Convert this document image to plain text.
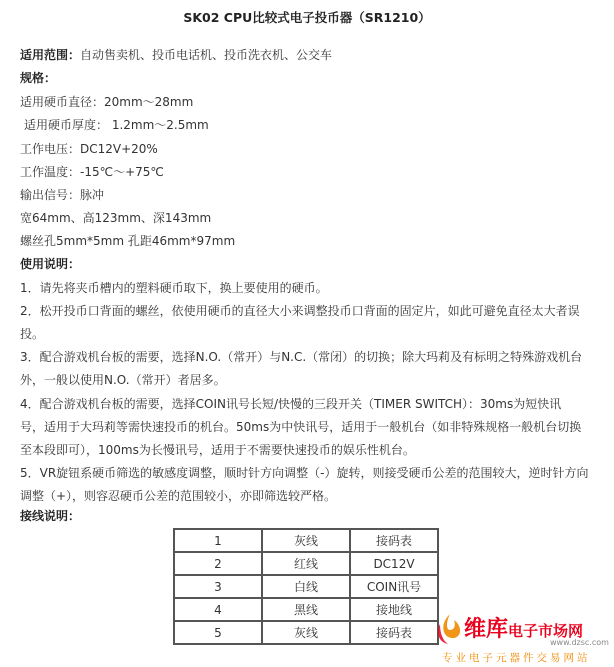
SK02 CPU比较式电子投币器（SR1210）
适用范围：自动售卖机、投币电话机、投币洗衣机、公交车
规格：
适用硬币直径：20mm～28mm
适用硬币厚度： 1.2mm～2.5mm
工作电压：DC12V+20%
工作温度：-15℃～+75℃
输出信号：脉冲
宽64mm、高123mm、深143mm
螺丝孔5mm*5mm 孔距46mm*97mm
使用说明：
1．请先将夹币槽内的塑料硬币取下，换上要使用的硬币。
2．松开投币口背面的螺丝，依使用硬币的直径大小来调整投币口背面的固定片，如此可避免直径太大者误
投。
3．配合游戏机台板的需要，选择N.O.（常开）与N.C.（常闭）的切换；除大玛莉及有标明之特殊游戏机台
外，一般以使用N.O.（常开）者居多。
4．配合游戏机台板的需要，选择COIN讯号长短/快慢的三段开关（TIMER SWITCH）：30ms为短快讯
号，适用于大玛莉等需快速投币的机台。50ms为中快讯号，适用于一般机台（如非特殊规格一般机台切换
至本段即可），100ms为长慢讯号，适用于不需要快速投币的娱乐性机台。
5．VR旋钮系硬币筛选的敏感度调整，顺时针方向调整（-）旋转，则接受硬币公差的范围较大，逆时针方向
调整（+），则容忍硬币公差的范围较小，亦即筛选较严格。
接线说明：
1	灰线	接码表
2	红线	DC12V
3	白线	COIN讯号
4	黑线	接地线
5	灰线	接码表 维库电子市场网
www.dzsc.com
专业电子元器件交易网站
